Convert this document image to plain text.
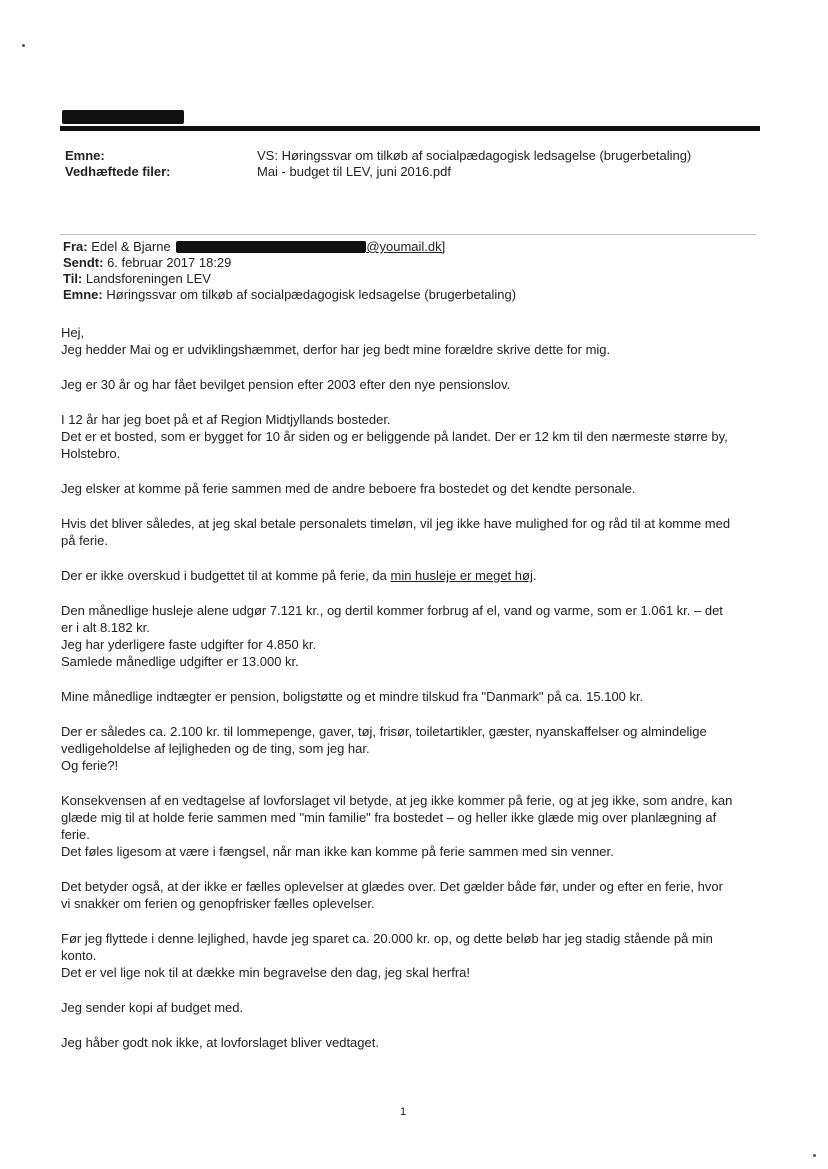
Emne:	VS: Høringssvar om tilkøb af socialpædagogisk ledsagelse (brugerbetaling)
Vedhæftede filer:	Mai - budget til LEV, juni 2016.pdf
Fra: Edel & Bjarne	@youmail.dk]
Sendt: 6. februar 2017 18:29
Til: Landsforeningen LEV
Emne: Høringssvar om tilkøb af socialpædagogisk ledsagelse (brugerbetaling)

Hej,
Jeg hedder Mai og er udviklingshæmmet, derfor har jeg bedt mine forældre skrive dette for mig.

Jeg er 30 år og har fået bevilget pension efter 2003 efter den nye pensionslov.

I 12 år har jeg boet på et af Region Midtjyllands bosteder.
Det er et bosted, som er bygget for 10 år siden og er beliggende på landet. Der er 12 km til den nærmeste større by,
Holstebro.

Jeg elsker at komme på ferie sammen med de andre beboere fra bostedet og det kendte personale.

Hvis det bliver således, at jeg skal betale personalets timeløn, vil jeg ikke have mulighed for og råd til at komme med
på ferie.

Der er ikke overskud i budgettet til at komme på ferie, da min husleje er meget høj.

Den månedlige husleje alene udgør 7.121 kr., og dertil kommer forbrug af el, vand og varme, som er 1.061 kr. – det
er i alt 8.182 kr.
Jeg har yderligere faste udgifter for 4.850 kr.
Samlede månedlige udgifter er 13.000 kr.

Mine månedlige indtægter er pension, boligstøtte og et mindre tilskud fra "Danmark" på ca. 15.100 kr.

Der er således ca. 2.100 kr. til lommepenge, gaver, tøj, frisør, toiletartikler, gæster, nyanskaffelser og almindelige
vedligeholdelse af lejligheden og de ting, som jeg har.
Og ferie?!

Konsekvensen af en vedtagelse af lovforslaget vil betyde, at jeg ikke kommer på ferie, og at jeg ikke, som andre, kan
glæde mig til at holde ferie sammen med "min familie" fra bostedet – og heller ikke glæde mig over planlægning af
ferie.
Det føles ligesom at være i fængsel, når man ikke kan komme på ferie sammen med sin venner.

Det betyder også, at der ikke er fælles oplevelser at glædes over. Det gælder både før, under og efter en ferie, hvor
vi snakker om ferien og genopfrisker fælles oplevelser.

Før jeg flyttede i denne lejlighed, havde jeg sparet ca. 20.000 kr. op, og dette beløb har jeg stadig stående på min
konto.
Det er vel lige nok til at dække min begravelse den dag, jeg skal herfra!

Jeg sender kopi af budget med.

Jeg håber godt nok ikke, at lovforslaget bliver vedtaget.

1
